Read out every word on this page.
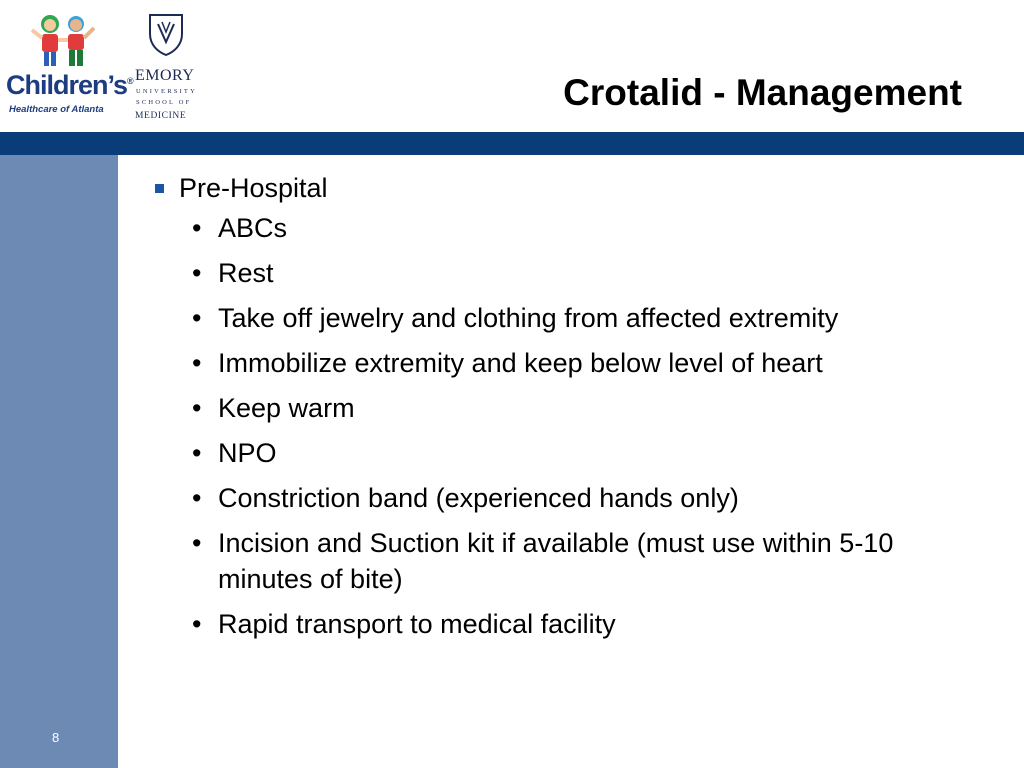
Children’s®
Healthcare of Atlanta
EMORY
UNIVERSITY
SCHOOL OF
MEDICINE
Crotalid - Management
8
Pre-Hospital
• ABCs
• Rest
• Take off jewelry and clothing from affected extremity
• Immobilize extremity and keep below level of heart
• Keep warm
• NPO
• Constriction band (experienced hands only)
• Incision and Suction kit if available (must use within 5-10 minutes of bite)
• Rapid transport to medical facility
